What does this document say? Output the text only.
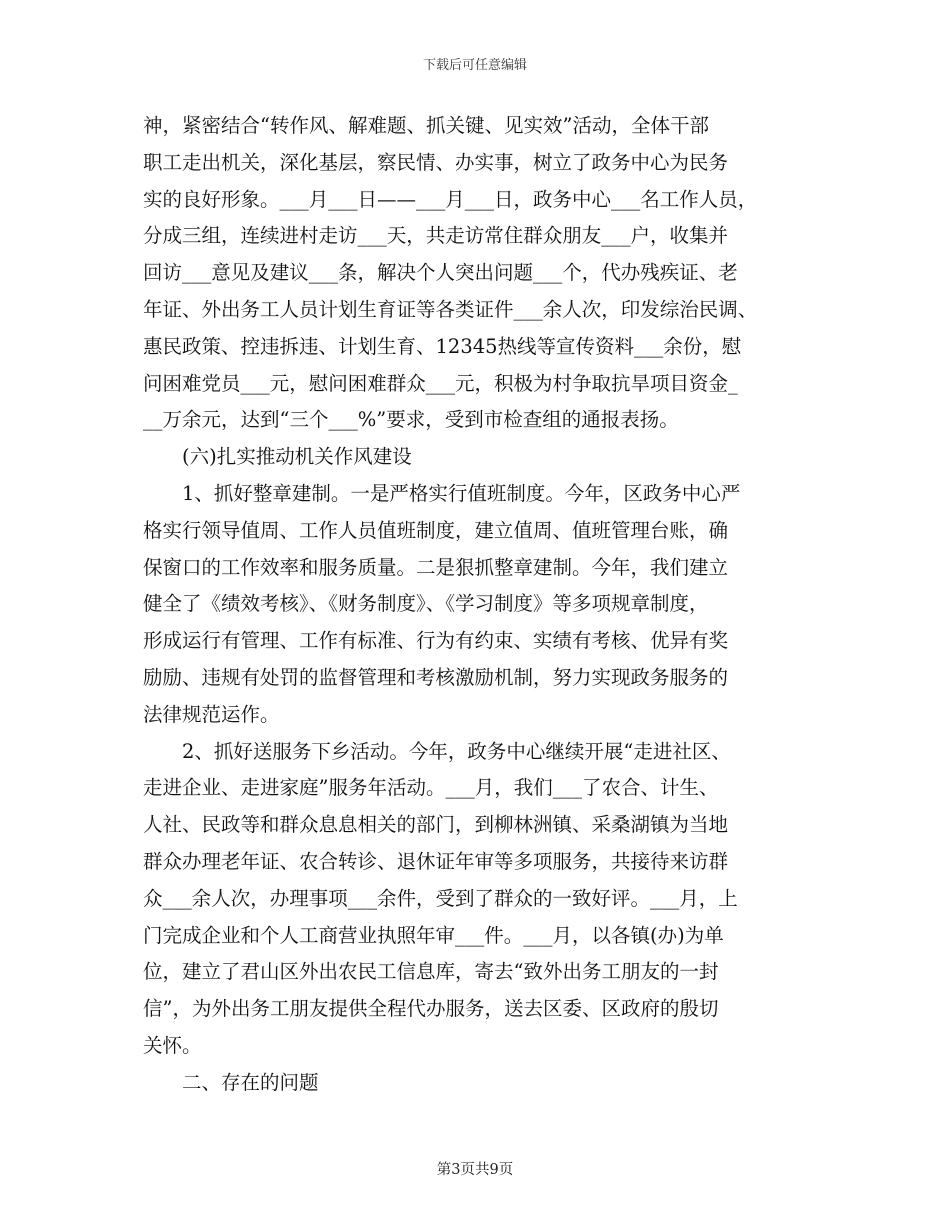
下载后可任意编辑
神，紧密结合“转作风、解难题、抓关键、见实效”活动，全体干部
职工走出机关，深化基层，察民情、办实事，树立了政务中心为民务
实的良好形象。___月___日——___月___日，政务中心___名工作人员，
分成三组，连续进村走访___天，共走访常住群众朋友___户，收集并
回访___意见及建议___条，解决个人突出问题___个，代办残疾证、老
年证、外出务工人员计划生育证等各类证件___余人次，印发综治民调、
惠民政策、控违拆违、计划生育、12345热线等宣传资料___余份，慰
问困难党员___元，慰问困难群众___元，积极为村争取抗旱项目资金_
__万余元，达到“三个___%”要求，受到市检查组的通报表扬。
　　(六)扎实推动机关作风建设
　　1、抓好整章建制。一是严格实行值班制度。今年，区政务中心严
格实行领导值周、工作人员值班制度，建立值周、值班管理台账，确
保窗口的工作效率和服务质量。二是狠抓整章建制。今年，我们建立
健全了《绩效考核》、《财务制度》、《学习制度》等多项规章制度，
形成运行有管理、工作有标准、行为有约束、实绩有考核、优异有奖
励励、违规有处罚的监督管理和考核激励机制，努力实现政务服务的
法律规范运作。
　　2、抓好送服务下乡活动。今年，政务中心继续开展“走进社区、
走进企业、走进家庭”服务年活动。___月，我们___了农合、计生、
人社、民政等和群众息息相关的部门，到柳林洲镇、采桑湖镇为当地
群众办理老年证、农合转诊、退休证年审等多项服务，共接待来访群
众___余人次，办理事项___余件，受到了群众的一致好评。___月，上
门完成企业和个人工商营业执照年审___件。___月，以各镇(办)为单
位，建立了君山区外出农民工信息库，寄去“致外出务工朋友的一封
信”，为外出务工朋友提供全程代办服务，送去区委、区政府的殷切
关怀。
　　二、存在的问题
第3页共9页
